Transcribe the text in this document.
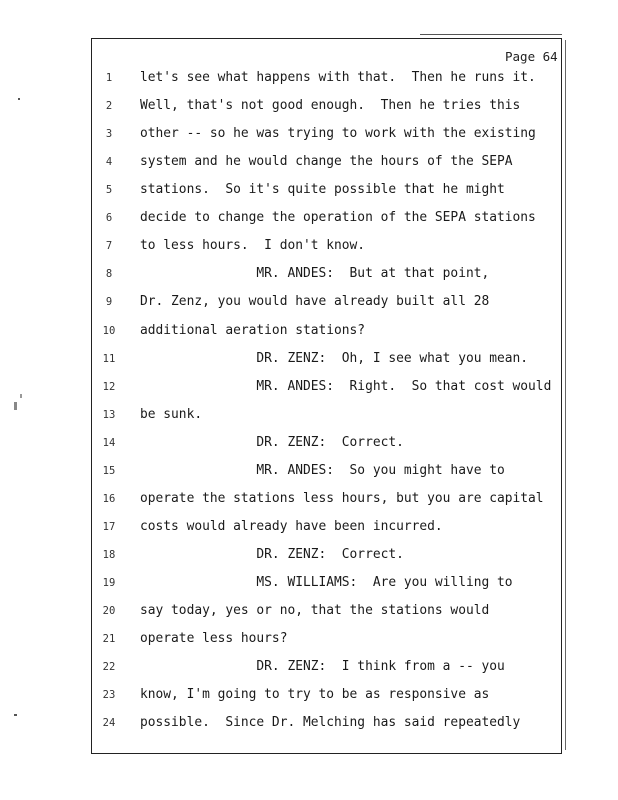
Page 64
1	let's see what happens with that.  Then he runs it.
2	Well, that's not good enough.  Then he tries this
3	other -- so he was trying to work with the existing
4	system and he would change the hours of the SEPA
5	stations.  So it's quite possible that he might
6	decide to change the operation of the SEPA stations
7	to less hours.  I don't know.
8	MR. ANDES:  But at that point,
9	Dr. Zenz, you would have already built all 28
10	additional aeration stations?
11	DR. ZENZ:  Oh, I see what you mean.
12	MR. ANDES:  Right.  So that cost would
13	be sunk.
14	DR. ZENZ:  Correct.
15	MR. ANDES:  So you might have to
16	operate the stations less hours, but you are capital
17	costs would already have been incurred.
18	DR. ZENZ:  Correct.
19	MS. WILLIAMS:  Are you willing to
20	say today, yes or no, that the stations would
21	operate less hours?
22	DR. ZENZ:  I think from a -- you
23	know, I'm going to try to be as responsive as
24	possible.  Since Dr. Melching has said repeatedly
